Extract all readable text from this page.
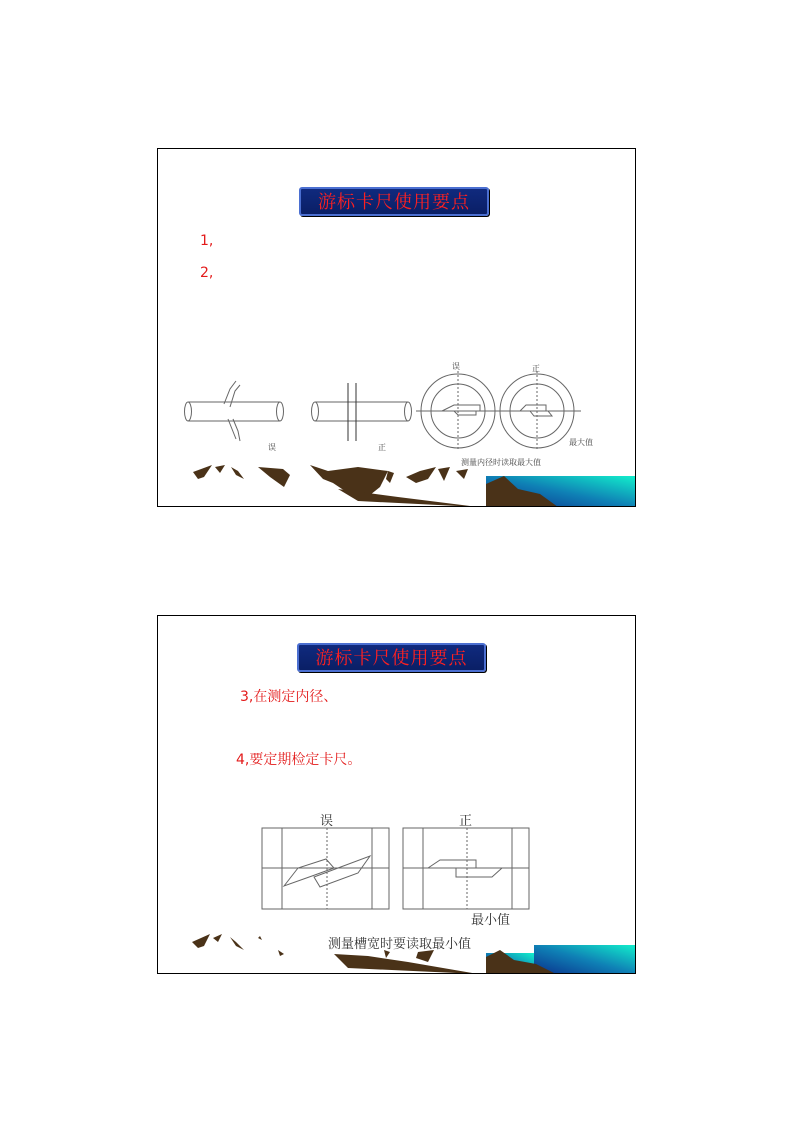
游标卡尺使用要点
1,
2,
误	正
误	正
最大值
测量内径时读取最大值
游标卡尺使用要点
3,在测定内径、
4,要定期检定卡尺。
误	正
最小值
测量槽宽时要读取最小值
